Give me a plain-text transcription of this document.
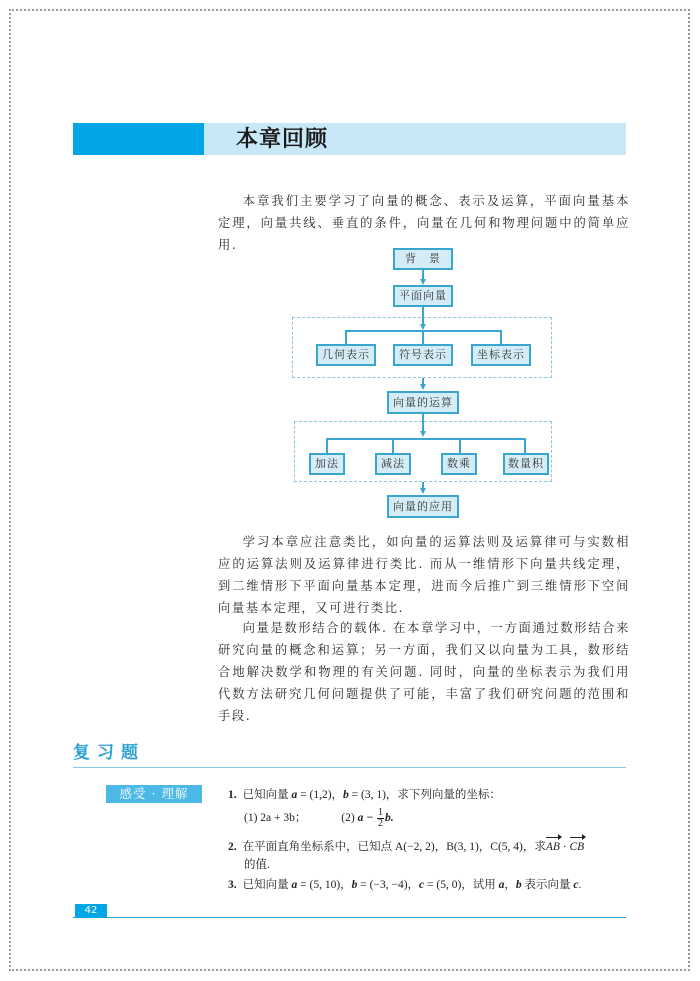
本章回顾
本章我们主要学习了向量的概念、表示及运算，平面向量基本定理，向量共线、垂直的条件，向量在几何和物理问题中的简单应用.
背　景
平面向量
几何表示	符号表示	坐标表示
向量的运算
加法	减法	数乘	数量积
向量的应用
学习本章应注意类比，如向量的运算法则及运算律可与实数相应的运算法则及运算律进行类比. 而从一维情形下向量共线定理，到二维情形下平面向量基本定理，进而今后推广到三维情形下空间向量基本定理，又可进行类比.
向量是数形结合的载体. 在本章学习中，一方面通过数形结合来研究向量的概念和运算；另一方面，我们又以向量为工具，数形结合地解决数学和物理的有关问题. 同时，向量的坐标表示为我们用代数方法研究几何问题提供了可能，丰富了我们研究问题的范围和手段.
复习题
感受 · 理解	1. 已知向量 a = (1,2)，b = (3, 1)，求下列向量的坐标：
(1) 2a + 3b；	(2) $a - \frac{1}{2} b$.
2. 在平面直角坐标系中，已知点 A(−2, 2)，B(3, 1)，C(5, 4)，求AB · CB
的值.
3. 已知向量 a = (5, 10)，b = (−3, −4)，c = (5, 0)，试用 a，b 表示向量 c.
42
